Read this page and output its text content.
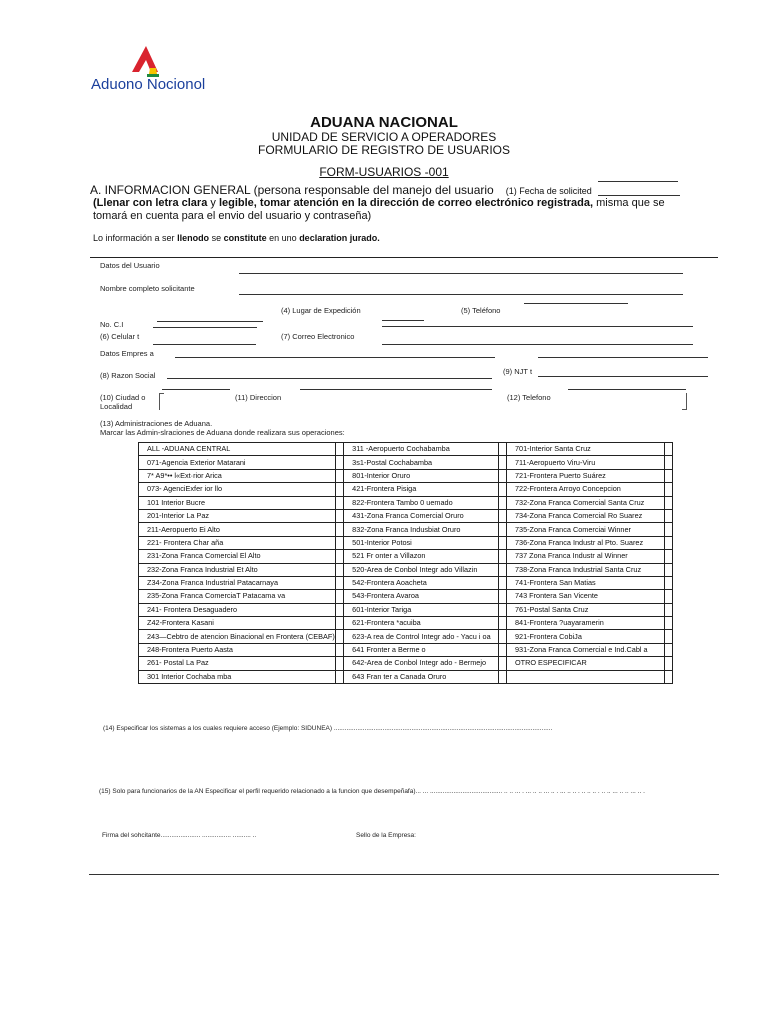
Aduono Nocionol
ADUANA NACIONAL
UNIDAD DE SERVICIO A OPERADORES
FORMULARIO DE REGISTRO DE USUARIOS
FORM-USUARIOS -001
A. INFORMACION GENERAL (persona responsable del manejo del usuario (1) Fecha de solicited
(Llenar con letra clara y legible, tomar atención en la dirección de correo electrónico registrada, misma que se tomará en cuenta para el envio del usuario y contraseña)
Lo información a ser llenodo se constitute en uno declaration jurado.
Datos del Usuario
Nombre completo solicitante
(4) Lugar de Expedición	(5) Teléfono
No. C.I
(6) Celular t	(7) Correo Electronico
Datos Empres a
(9) NJT t
(8) Razon Social
(10) Ciudad o
Localidad
(11) Direccion	(12) Telefono
(13) Administraciones de Aduana.
Marcar las Admin-slraciones de Aduana donde realizara sus operaciones:
ALL -ADUANA CENTRAL		311 -Aeropuerto Cochabamba		701-Interior Santa Cruz	
071-Agencia Exterior Matarani		3s1-Postal Cochabamba		711-Aeropuerto Viru-Viru	
7* A9*•• l«Ext·rior Arica		801-Interior Oruro		721-Frontera Puerto Suárez	
073- AgenciExfer ior llo		421-Frontera Pisiga		722-Frontera Arroyo Concepcion	
101 Interior Bucre		822-Frontera Tambo 0 uemado		732-Zona Franca Comercial Santa Cruz	
201-Interior La Paz		431-Zona Franca Comercial Oruro		734-Zona Franca Comercial Ro Suarez	
211-Aeropuerto Ei Alto		832-Zona Franca Indusbiat Oruro		735-Zona Franca Comerciai Winner	
221- Frontera Char aña		501-Interior Potosi		736-Zona Franca Industr al Pto. Suarez	
231-Zona Franca Comercial El Alto		521 Fr onter a Villazon		737 Zona Franca Industr al Winner	
232-Zona Franca Industrial Et Alto		520-Area de Conbol Integr ado Villazin		738-Zona Franca Industrial Santa Cruz	
Z34-Zona Franca Industrial Patacarnaya		542-Frontera Aoacheta		741-Frontera San Matias	
235-Zona Franca ComerciaT Patacama va		543-Frontera Avaroa		743 Frontera San Vicente	
241- Frontera Desaguadero		601-Interior Tariga		761-Postal Santa Cruz	
Z42-Frontera Kasani		621-Frontera *acuiba		841-Frontera ?uayaramerin	
243—Cebtro de atencion Binacional en Frontera (CEBAF)		623-A rea de Control Integr ado - Yacu i oa		921-Frontera CobiJa	
248-Frontera Puerto Aasta		641 Fronter a Berme o		931-Zona Franca Cornercial e Ind.Cabl a	
261- Postal La Paz		642-Area de Conbol Integr ado - Bermejo		OTRO ESPECIFICAR	
301 Interior Cochaba mba		643 Fran ter a Canada Oruro			
(14) Especificar los sistemas a los cuales requiere acceso (Ejemplo: SIDUNEA) .........................................................................................................................
(15) Solo para funcionarios de la AN Especificar el perfil requerido relacionado a la funcion que desempeñafa)... ... ........................................ .. .. ... . ... .. .. ... .. . ... .. .. . .. .. .. . .. .. ... .. .. ... .. .
Firma del sohcitante...................... ................ .......... ..	Sello de la Empresa:
